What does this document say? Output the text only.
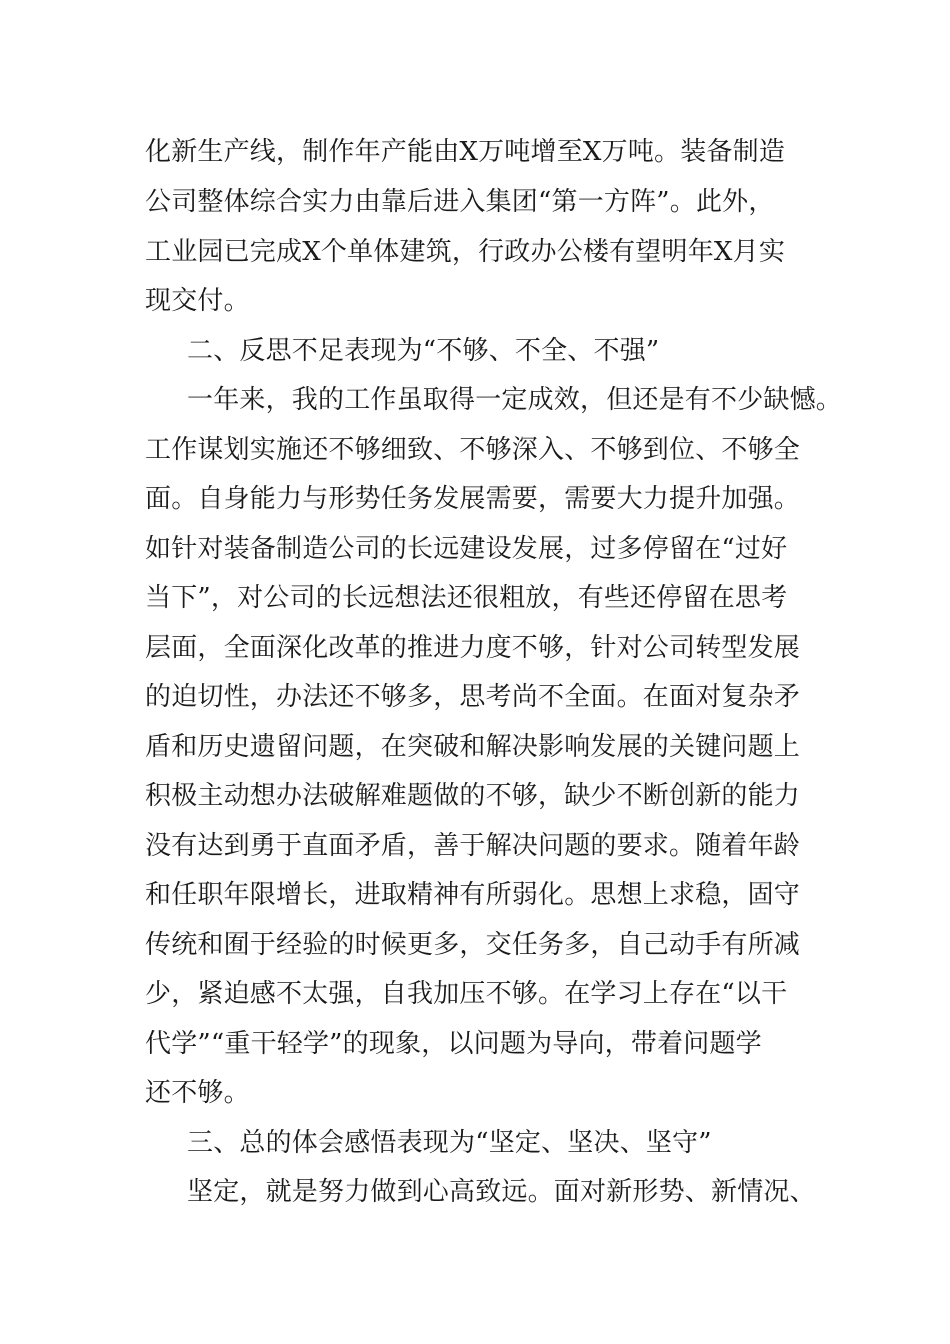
化新生产线，制作年产能由X万吨增至X万吨。装备制造
公司整体综合实力由靠后进入集团“第一方阵”。此外，
工业园已完成X个单体建筑，行政办公楼有望明年X月实
现交付。
二、反思不足表现为“不够、不全、不强”
一年来，我的工作虽取得一定成效，但还是有不少缺憾。
工作谋划实施还不够细致、不够深入、不够到位、不够全
面。自身能力与形势任务发展需要，需要大力提升加强。
如针对装备制造公司的长远建设发展，过多停留在“过好
当下”，对公司的长远想法还很粗放，有些还停留在思考
层面，全面深化改革的推进力度不够，针对公司转型发展
的迫切性，办法还不够多，思考尚不全面。在面对复杂矛
盾和历史遗留问题，在突破和解决影响发展的关键问题上
积极主动想办法破解难题做的不够，缺少不断创新的能力
没有达到勇于直面矛盾，善于解决问题的要求。随着年龄
和任职年限增长，进取精神有所弱化。思想上求稳，固守
传统和囿于经验的时候更多，交任务多，自己动手有所减
少，紧迫感不太强，自我加压不够。在学习上存在“以干
代学”“重干轻学”的现象，以问题为导向，带着问题学
还不够。
三、总的体会感悟表现为“坚定、坚决、坚守”
坚定，就是努力做到心高致远。面对新形势、新情况、
